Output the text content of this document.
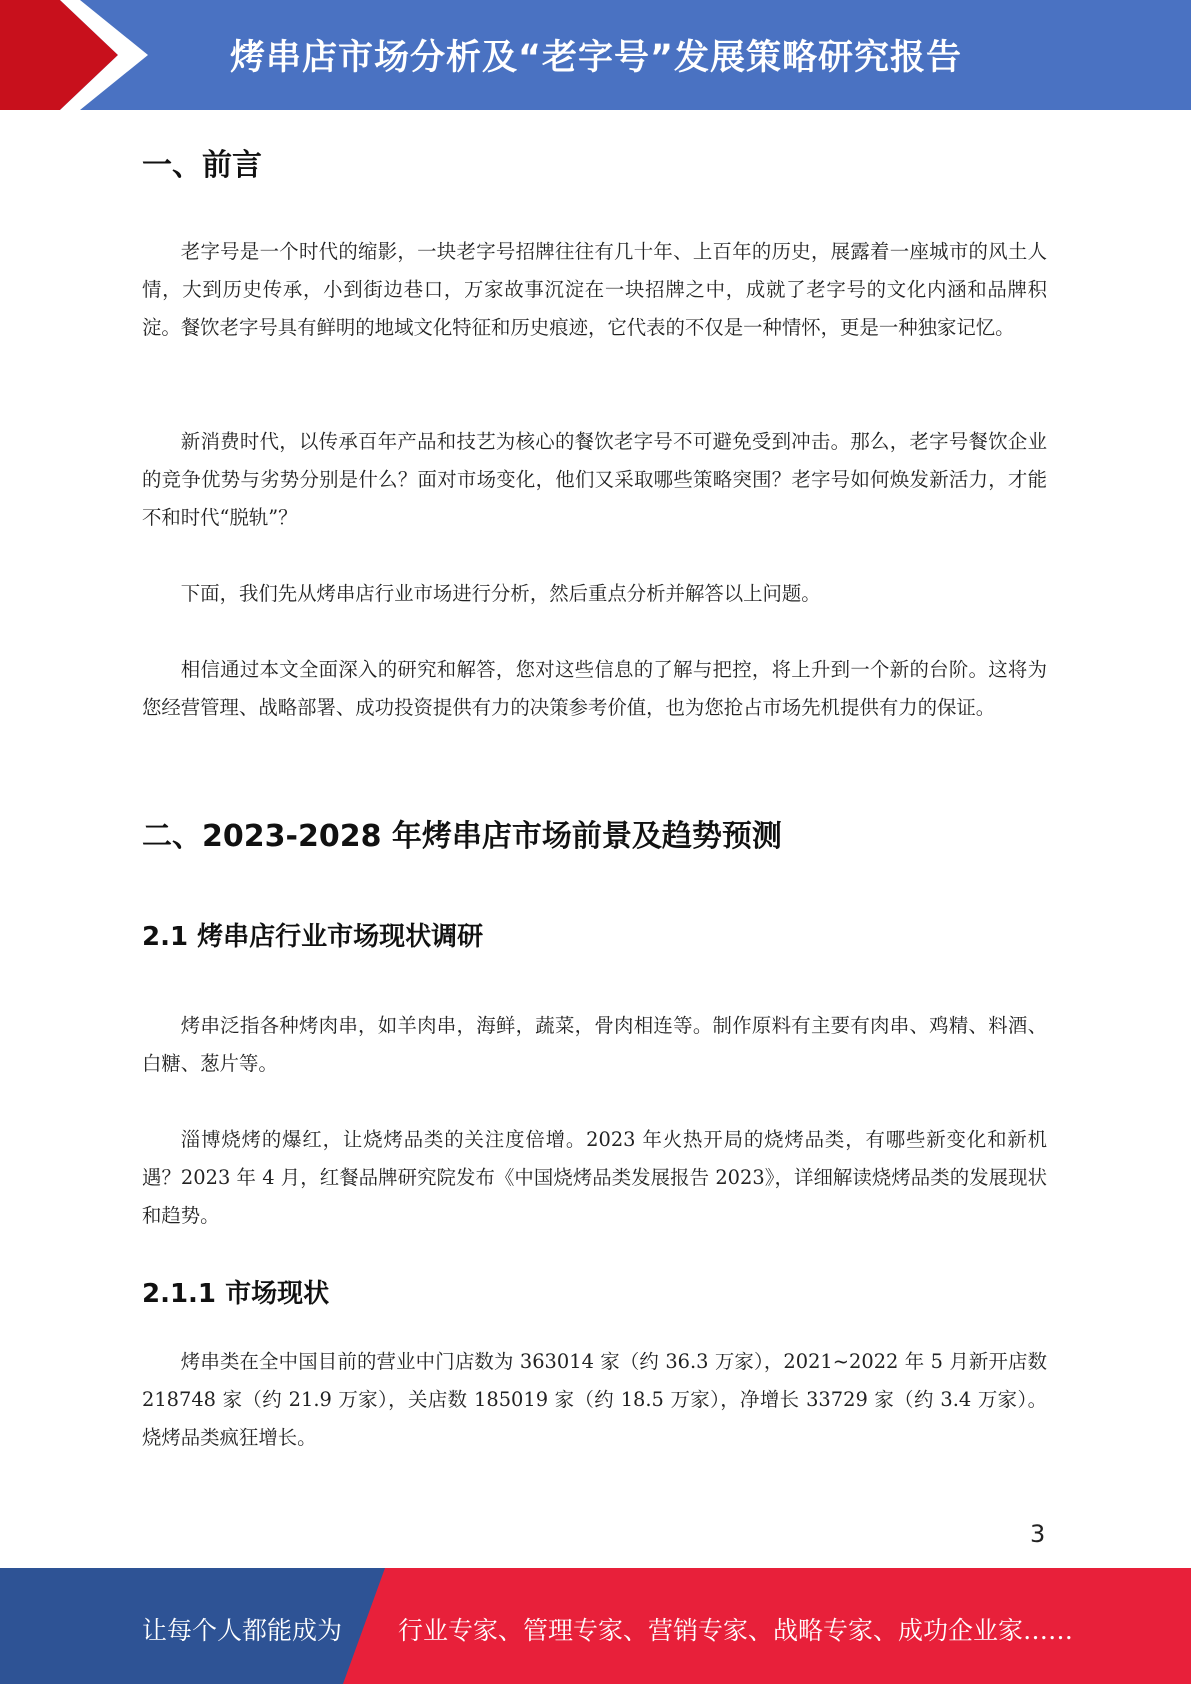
烤串店市场分析及“老字号”发展策略研究报告
一、前言

老字号是一个时代的缩影，一块老字号招牌往往有几十年、上百年的历史，展露着一座城市的风土人情，大到历史传承，小到街边巷口，万家故事沉淀在一块招牌之中，成就了老字号的文化内涵和品牌积淀。餐饮老字号具有鲜明的地域文化特征和历史痕迹，它代表的不仅是一种情怀，更是一种独家记忆。

新消费时代，以传承百年产品和技艺为核心的餐饮老字号不可避免受到冲击。那么，老字号餐饮企业的竞争优势与劣势分别是什么？面对市场变化，他们又采取哪些策略突围？老字号如何焕发新活力，才能不和时代“脱轨”？

下面，我们先从烤串店行业市场进行分析，然后重点分析并解答以上问题。

相信通过本文全面深入的研究和解答，您对这些信息的了解与把控，将上升到一个新的台阶。这将为您经营管理、战略部署、成功投资提供有力的决策参考价值，也为您抢占市场先机提供有力的保证。

二、2023-2028 年烤串店市场前景及趋势预测
2.1 烤串店行业市场现状调研

烤串泛指各种烤肉串，如羊肉串，海鲜，蔬菜，骨肉相连等。制作原料有主要有肉串、鸡精、料酒、白糖、葱片等。

淄博烧烤的爆红，让烧烤品类的关注度倍增。2023 年火热开局的烧烤品类，有哪些新变化和新机遇？2023 年 4 月，红餐品牌研究院发布《中国烧烤品类发展报告 2023》，详细解读烧烤品类的发展现状和趋势。

2.1.1 市场现状

烤串类在全中国目前的营业中门店数为 363014 家（约 36.3 万家），2021~2022 年 5 月新开店数 218748 家（约 21.9 万家），关店数 185019 家（约 18.5 万家），净增长 33729 家（约 3.4 万家）。烧烤品类疯狂增长。

3
让每个人都能成为 行业专家、管理专家、营销专家、战略专家、成功企业家……
